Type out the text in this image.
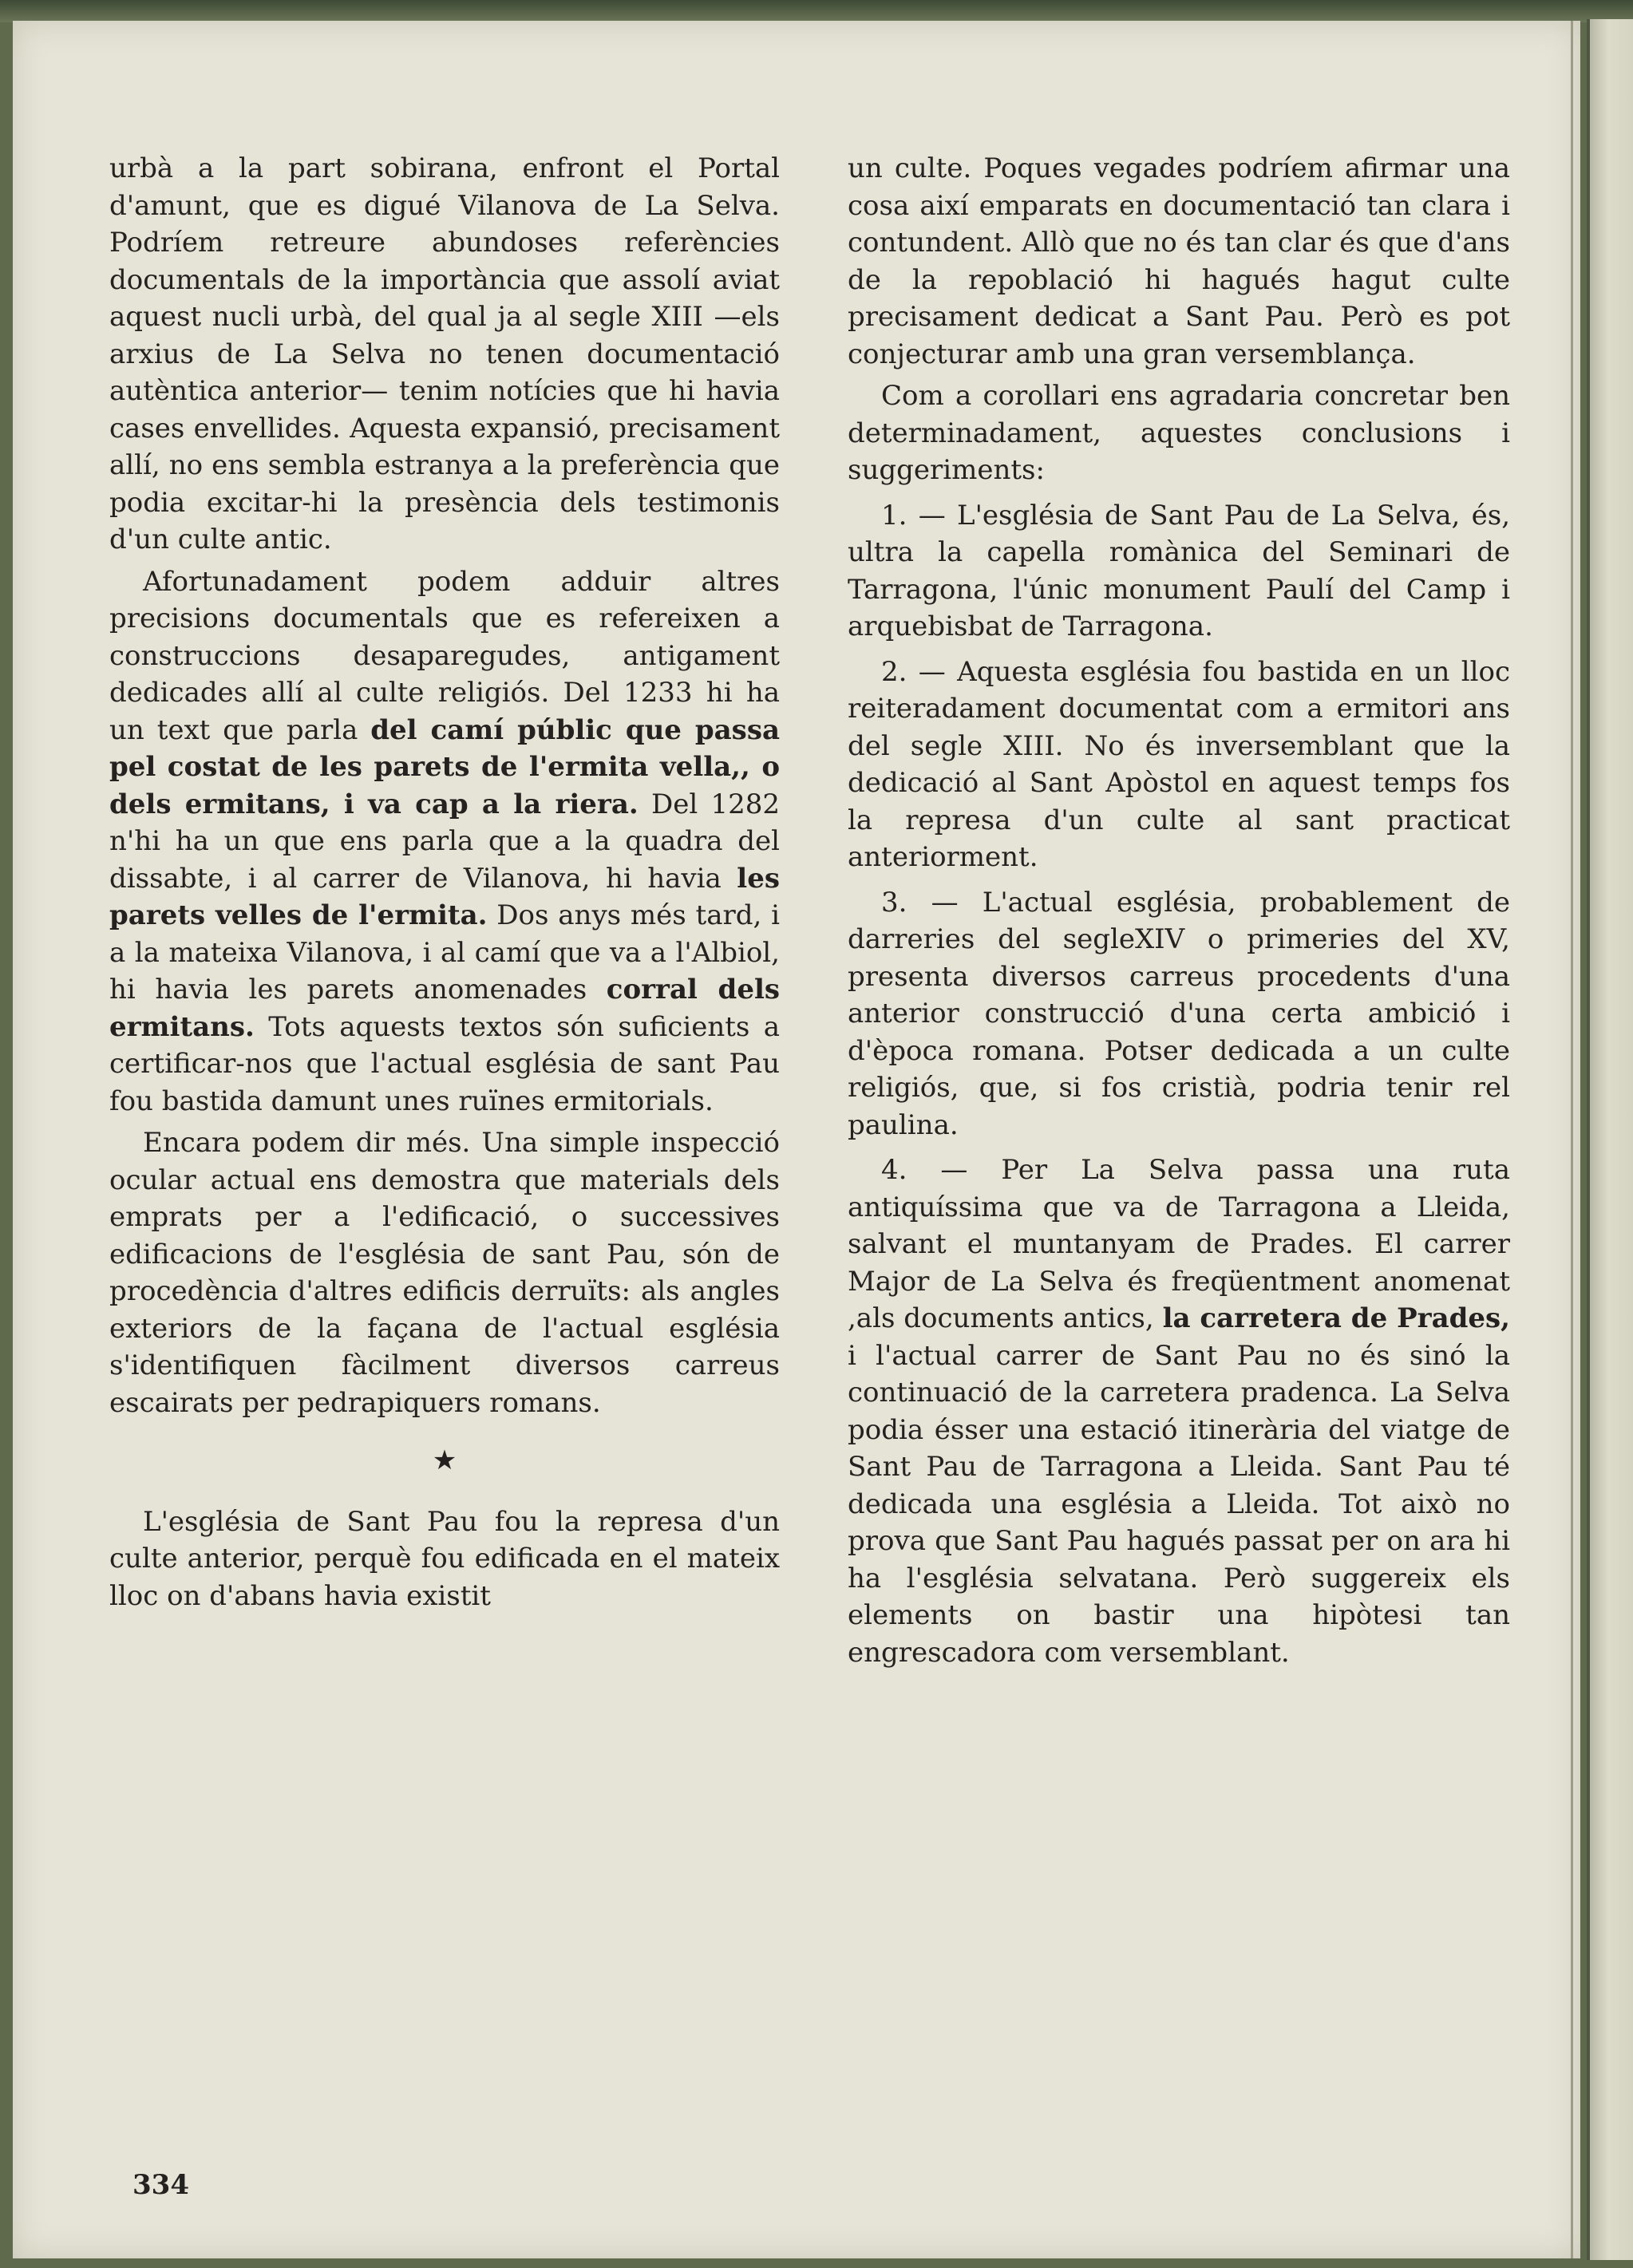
urbà a la part sobirana, enfront el Portal d'amunt, que es digué Vilanova de La Selva. Podríem retreure abundoses referències documentals de la importància que assolí aviat aquest nucli urbà, del qual ja al segle XIII —els arxius de La Selva no tenen documentació autèntica anterior— tenim notícies que hi havia cases envellides. Aquesta expansió, precisament allí, no ens sembla estranya a la preferència que podia excitar-hi la presència dels testimonis d'un culte antic.

Afortunadament podem adduir altres precisions documentals que es refereixen a construccions desaparegudes, antigament dedicades allí al culte religiós. Del 1233 hi ha un text que parla del camí públic que passa pel costat de les parets de l'ermita vella,, o dels ermitans, i va cap a la riera. Del 1282 n'hi ha un que ens parla que a la quadra del dissabte, i al carrer de Vilanova, hi havia les parets velles de l'ermita. Dos anys més tard, i a la mateixa Vilanova, i al camí que va a l'Albiol, hi havia les parets anomenades corral dels ermitans. Tots aquests textos són suficients a certificar-nos que l'actual església de sant Pau fou bastida damunt unes ruïnes ermitorials.

Encara podem dir més. Una simple inspecció ocular actual ens demostra que materials dels emprats per a l'edificació, o successives edificacions de l'església de sant Pau, són de procedència d'altres edificis derruïts: als angles exteriors de la façana de l'actual església s'identifiquen fàcilment diversos carreus escairats per pedrapiquers romans.

★

L'església de Sant Pau fou la represa d'un culte anterior, perquè fou edificada en el mateix lloc on d'abans havia existit

un culte. Poques vegades podríem afirmar una cosa així emparats en documentació tan clara i contundent. Allò que no és tan clar és que d'ans de la repoblació hi hagués hagut culte precisament dedicat a Sant Pau. Però es pot conjecturar amb una gran versemblança.

Com a corollari ens agradaria concretar ben determinadament, aquestes conclusions i suggeriments:

1. — L'església de Sant Pau de La Selva, és, ultra la capella romànica del Seminari de Tarragona, l'únic monument Paulí del Camp i arquebisbat de Tarragona.

2. — Aquesta església fou bastida en un lloc reiteradament documentat com a ermitori ans del segle XIII. No és inversemblant que la dedicació al Sant Apòstol en aquest temps fos la represa d'un culte al sant practicat anteriorment.

3. — L'actual església, probablement de darreries del segleXIV o primeries del XV, presenta diversos carreus procedents d'una anterior construcció d'una certa ambició i d'època romana. Potser dedicada a un culte religiós, que, si fos cristià, podria tenir rel paulina.

4. — Per La Selva passa una ruta antiquíssima que va de Tarragona a Lleida, salvant el muntanyam de Prades. El carrer Major de La Selva és freqüentment anomenat ,als documents antics, la carretera de Prades, i l'actual carrer de Sant Pau no és sinó la continuació de la carretera pradenca. La Selva podia ésser una estació itinerària del viatge de Sant Pau de Tarragona a Lleida. Sant Pau té dedicada una església a Lleida. Tot això no prova que Sant Pau hagués passat per on ara hi ha l'església selvatana. Però suggereix els elements on bastir una hipòtesi tan engrescadora com versemblant.

334
